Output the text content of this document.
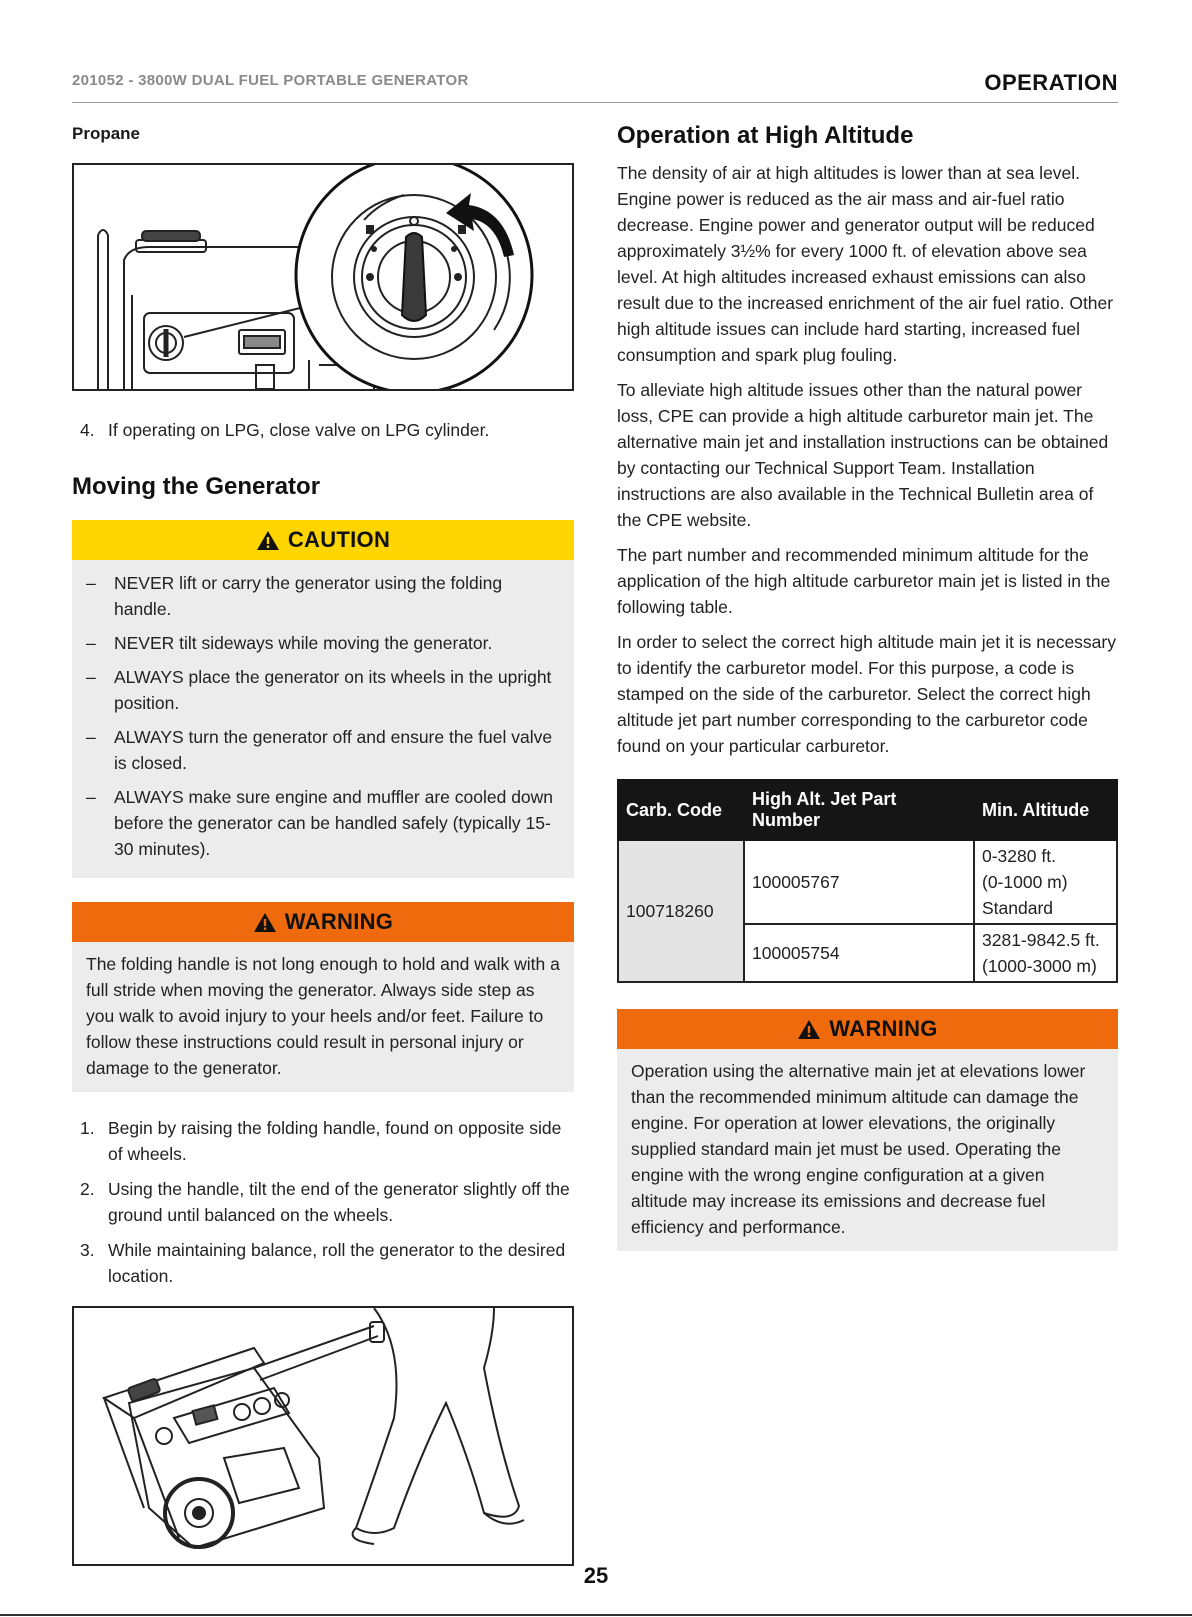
201052 - 3800W DUAL FUEL PORTABLE GENERATOR	OPERATION
Propane
4. If operating on LPG, close valve on LPG cylinder.
Moving the Generator
CAUTION
– NEVER lift or carry the generator using the folding handle.
– NEVER tilt sideways while moving the generator.
– ALWAYS place the generator on its wheels in the upright position.
– ALWAYS turn the generator off and ensure the fuel valve is closed.
– ALWAYS make sure engine and muffler are cooled down before the generator can be handled safely (typically 15-30 minutes).
WARNING
The folding handle is not long enough to hold and walk with a full stride when moving the generator. Always side step as you walk to avoid injury to your heels and/or feet. Failure to follow these instructions could result in personal injury or damage to the generator.
1. Begin by raising the folding handle, found on opposite side of wheels.
2. Using the handle, tilt the end of the generator slightly off the ground until balanced on the wheels.
3. While maintaining balance, roll the generator to the desired location.
Operation at High Altitude

The density of air at high altitudes is lower than at sea level. Engine power is reduced as the air mass and air-fuel ratio decrease. Engine power and generator output will be reduced approximately 3½% for every 1000 ft. of elevation above sea level. At high altitudes increased exhaust emissions can also result due to the increased enrichment of the air fuel ratio. Other high altitude issues can include hard starting, increased fuel consumption and spark plug fouling.

To alleviate high altitude issues other than the natural power loss, CPE can provide a high altitude carburetor main jet. The alternative main jet and installation instructions can be obtained by contacting our Technical Support Team. Installation instructions are also available in the Technical Bulletin area of the CPE website.

The part number and recommended minimum altitude for the application of the high altitude carburetor main jet is listed in the following table.

In order to select the correct high altitude main jet it is necessary to identify the carburetor model. For this purpose, a code is stamped on the side of the carburetor. Select the correct high altitude jet part number corresponding to the carburetor code found on your particular carburetor.

Carb. Code	High Alt. Jet Part Number	Min. Altitude
100718260	100005767	0-3280 ft.
(0-1000 m)
Standard

	100005754	3281-9842.5 ft.
(1000-3000 m)
WARNING
Operation using the alternative main jet at elevations lower than the recommended minimum altitude can damage the engine. For operation at lower elevations, the originally supplied standard main jet must be used. Operating the engine with the wrong engine configuration at a given altitude may increase its emissions and decrease fuel efficiency and performance.
25
